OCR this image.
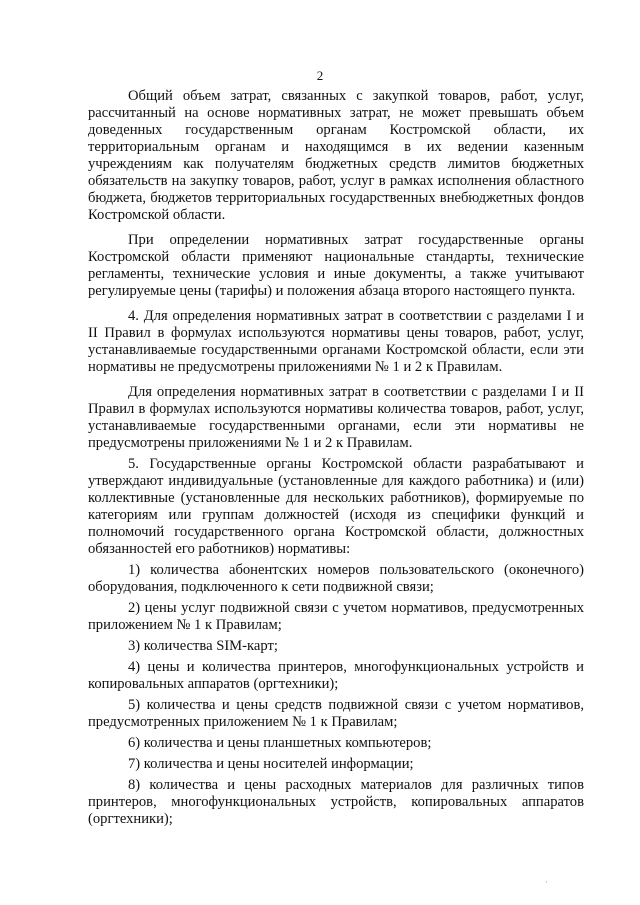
2

Общий объем затрат, связанных с закупкой товаров, работ, услуг, рассчитанный на основе нормативных затрат, не может превышать объем доведенных государственным органам Костромской области, их территориальным органам и находящимся в их ведении казенным учреждениям как получателям бюджетных средств лимитов бюджетных обязательств на закупку товаров, работ, услуг в рамках исполнения областного бюджета, бюджетов территориальных государственных внебюджетных фондов Костромской области.

При определении нормативных затрат государственные органы Костромской области применяют национальные стандарты, технические регламенты, технические условия и иные документы, а также учитывают регулируемые цены (тарифы) и положения абзаца второго настоящего пункта.

4. Для определения нормативных затрат в соответствии с разделами I и II Правил в формулах используются нормативы цены товаров, работ, услуг, устанавливаемые государственными органами Костромской области, если эти нормативы не предусмотрены приложениями № 1 и 2 к Правилам.

Для определения нормативных затрат в соответствии с разделами I и II Правил в формулах используются нормативы количества товаров, работ, услуг, устанавливаемые государственными органами, если эти нормативы не предусмотрены приложениями № 1 и 2 к Правилам.

5. Государственные органы Костромской области разрабатывают и утверждают индивидуальные (установленные для каждого работника) и (или) коллективные (установленные для нескольких работников), формируемые по категориям или группам должностей (исходя из специфики функций и полномочий государственного органа Костромской области, должностных обязанностей его работников) нормативы:

1) количества абонентских номеров пользовательского (оконечного) оборудования, подключенного к сети подвижной связи;

2) цены услуг подвижной связи с учетом нормативов, предусмотренных приложением № 1 к Правилам;

3) количества SIM-карт;

4) цены и количества принтеров, многофункциональных устройств и копировальных аппаратов (оргтехники);

5) количества и цены средств подвижной связи с учетом нормативов, предусмотренных приложением № 1 к Правилам;

6) количества и цены планшетных компьютеров;

7) количества и цены носителей информации;

8) количества и цены расходных материалов для различных типов принтеров, многофункциональных устройств, копировальных аппаратов (оргтехники);

·
